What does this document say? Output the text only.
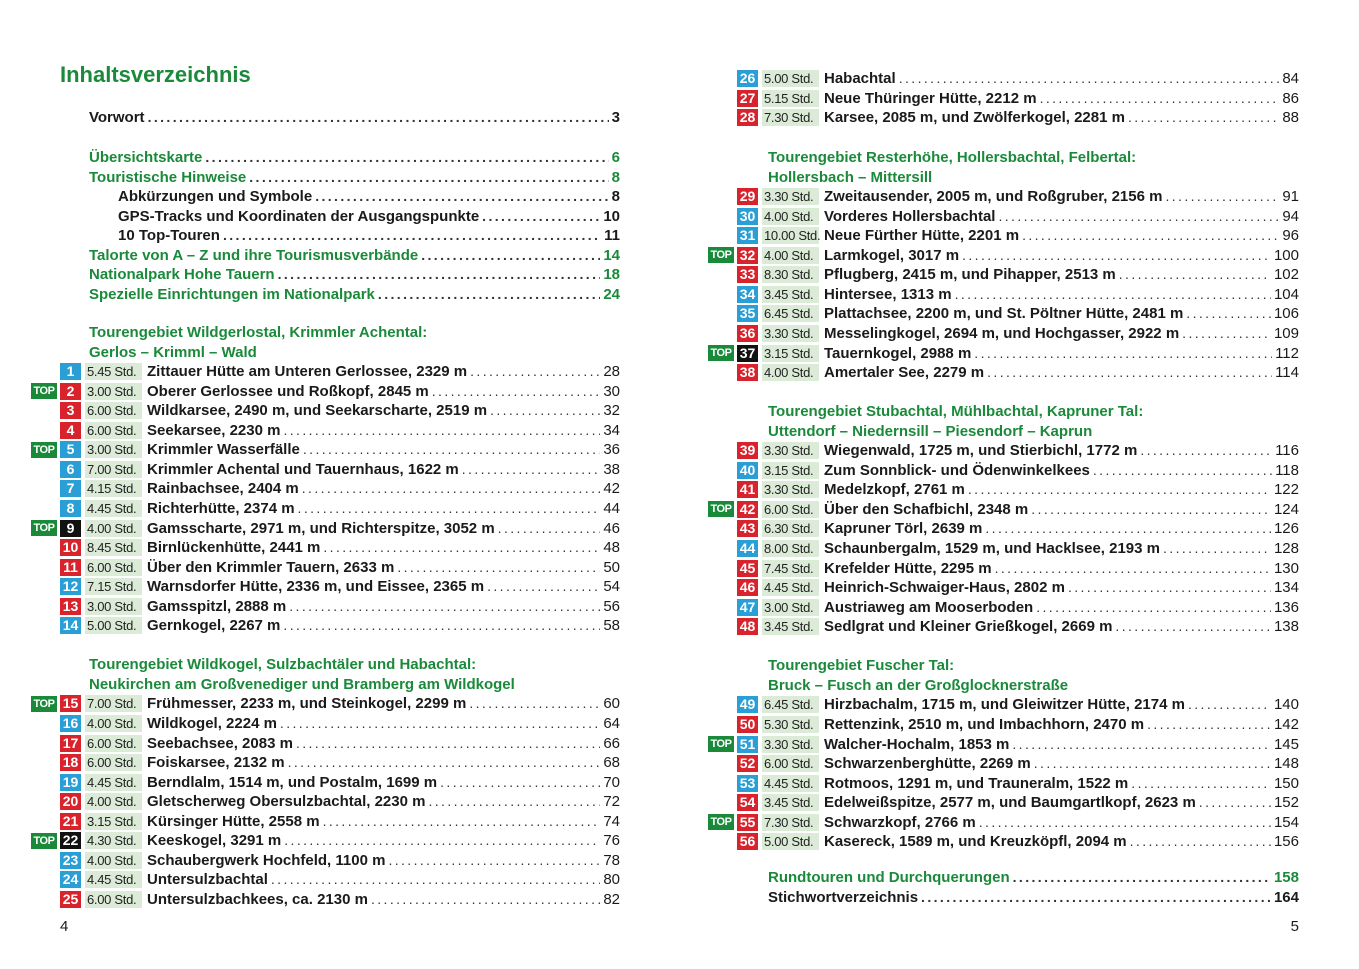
Inhaltsverzeichnis
4
Vorwort .....	3
Übersichtskarte .....	6
Touristische Hinweise .....	8
Abkürzungen und Symbole .....	8
GPS-Tracks und Koordinaten der Ausgangspunkte .....	10
10 Top-Touren .....	11
Talorte von A – Z und ihre Tourismusverbände .....	14
Nationalpark Hohe Tauern .....	18
Spezielle Einrichtungen im Nationalpark .....	24
Tourengebiet Wildgerlostal, Krimmler Achental:
Gerlos – Krimml – Wald
1 5.45 Std. Zittauer Hütte am Unteren Gerlossee, 2329 m .....	28
TOP 2 3.00 Std. Oberer Gerlossee und Roßkopf, 2845 m .....	30
3 6.00 Std. Wildkarsee, 2490 m, und Seekarscharte, 2519 m .....	32
4 6.00 Std. Seekarsee, 2230 m .....	34
TOP 5 3.00 Std. Krimmler Wasserfälle .....	36
6 7.00 Std. Krimmler Achental und Tauernhaus, 1622 m .....	38
7 4.15 Std. Rainbachsee, 2404 m .....	42
8 4.45 Std. Richterhütte, 2374 m .....	44
TOP 9 4.00 Std. Gamsscharte, 2971 m, und Richterspitze, 3052 m .....	46
10 8.45 Std. Birnlückenhütte, 2441 m .....	48
11 6.00 Std. Über den Krimmler Tauern, 2633 m .....	50
12 7.15 Std. Warnsdorfer Hütte, 2336 m, und Eissee, 2365 m .....	54
13 3.00 Std. Gamsspitzl, 2888 m .....	56
14 5.00 Std. Gernkogel, 2267 m .....	58
Tourengebiet Wildkogel, Sulzbachtäler und Habachtal:
Neukirchen am Großvenediger und Bramberg am Wildkogel
TOP 15 7.00 Std. Frühmesser, 2233 m, und Steinkogel, 2299 m .....	60
16 4.00 Std. Wildkogel, 2224 m .....	64
17 6.00 Std. Seebachsee, 2083 m .....	66
18 6.00 Std. Foiskarsee, 2132 m .....	68
19 4.45 Std. Berndlalm, 1514 m, und Postalm, 1699 m .....	70
20 4.00 Std. Gletscherweg Obersulzbachtal, 2230 m .....	72
21 3.15 Std. Kürsinger Hütte, 2558 m .....	74
TOP 22 4.30 Std. Keeskogel, 3291 m .....	76
23 4.00 Std. Schaubergwerk Hochfeld, 1100 m .....	78
24 4.45 Std. Untersulzbachtal .....	80
25 6.00 Std. Untersulzbachkees, ca. 2130 m .....	82
5
26 5.00 Std. Habachtal .....	84
27 5.15 Std. Neue Thüringer Hütte, 2212 m .....	86
28 7.30 Std. Karsee, 2085 m, und Zwölferkogel, 2281 m .....	88
Tourengebiet Resterhöhe, Hollersbachtal, Felbertal:
Hollersbach – Mittersill
29 3.30 Std. Zweitausender, 2005 m, und Roßgruber, 2156 m .....	91
30 4.00 Std. Vorderes Hollersbachtal .....	94
31 10.00 Std. Neue Fürther Hütte, 2201 m .....	96
TOP 32 4.00 Std. Larmkogel, 3017 m .....	100
33 8.30 Std. Pflugberg, 2415 m, und Pihapper, 2513 m .....	102
34 3.45 Std. Hintersee, 1313 m .....	104
35 6.45 Std. Plattachsee, 2200 m, und St. Pöltner Hütte, 2481 m .....	106
36 3.30 Std. Messelingkogel, 2694 m, und Hochgasser, 2922 m .....	109
TOP 37 3.15 Std. Tauernkogel, 2988 m .....	112
38 4.00 Std. Amertaler See, 2279 m .....	114
Tourengebiet Stubachtal, Mühlbachtal, Kapruner Tal:
Uttendorf – Niedernsill – Piesendorf – Kaprun
39 3.30 Std. Wiegenwald, 1725 m, und Stierbichl, 1772 m .....	116
40 3.15 Std. Zum Sonnblick- und Ödenwinkelkees .....	118
41 3.30 Std. Medelzkopf, 2761 m .....	122
TOP 42 6.00 Std. Über den Schafbichl, 2348 m .....	124
43 6.30 Std. Kapruner Törl, 2639 m .....	126
44 8.00 Std. Schaunbergalm, 1529 m, und Hacklsee, 2193 m .....	128
45 7.45 Std. Krefelder Hütte, 2295 m .....	130
46 4.45 Std. Heinrich-Schwaiger-Haus, 2802 m .....	134
47 3.00 Std. Austriaweg am Mooserboden .....	136
48 3.45 Std. Sedlgrat und Kleiner Grießkogel, 2669 m .....	138
Tourengebiet Fuscher Tal:
Bruck – Fusch an der Großglocknerstraße
49 6.45 Std. Hirzbachalm, 1715 m, und Gleiwitzer Hütte, 2174 m .....	140
50 5.30 Std. Rettenzink, 2510 m, und Imbachhorn, 2470 m .....	142
TOP 51 3.30 Std. Walcher-Hochalm, 1853 m .....	145
52 6.00 Std. Schwarzenberghütte, 2269 m .....	148
53 4.45 Std. Rotmoos, 1291 m, und Trauneralm, 1522 m .....	150
54 3.45 Std. Edelweißspitze, 2577 m, und Baumgartlkopf, 2623 m .....	152
TOP 55 7.30 Std. Schwarzkopf, 2766 m .....	154
56 5.00 Std. Kasereck, 1589 m, und Kreuzköpfl, 2094 m .....	156
Rundtouren und Durchquerungen .....	158
Stichwortverzeichnis .....	164
